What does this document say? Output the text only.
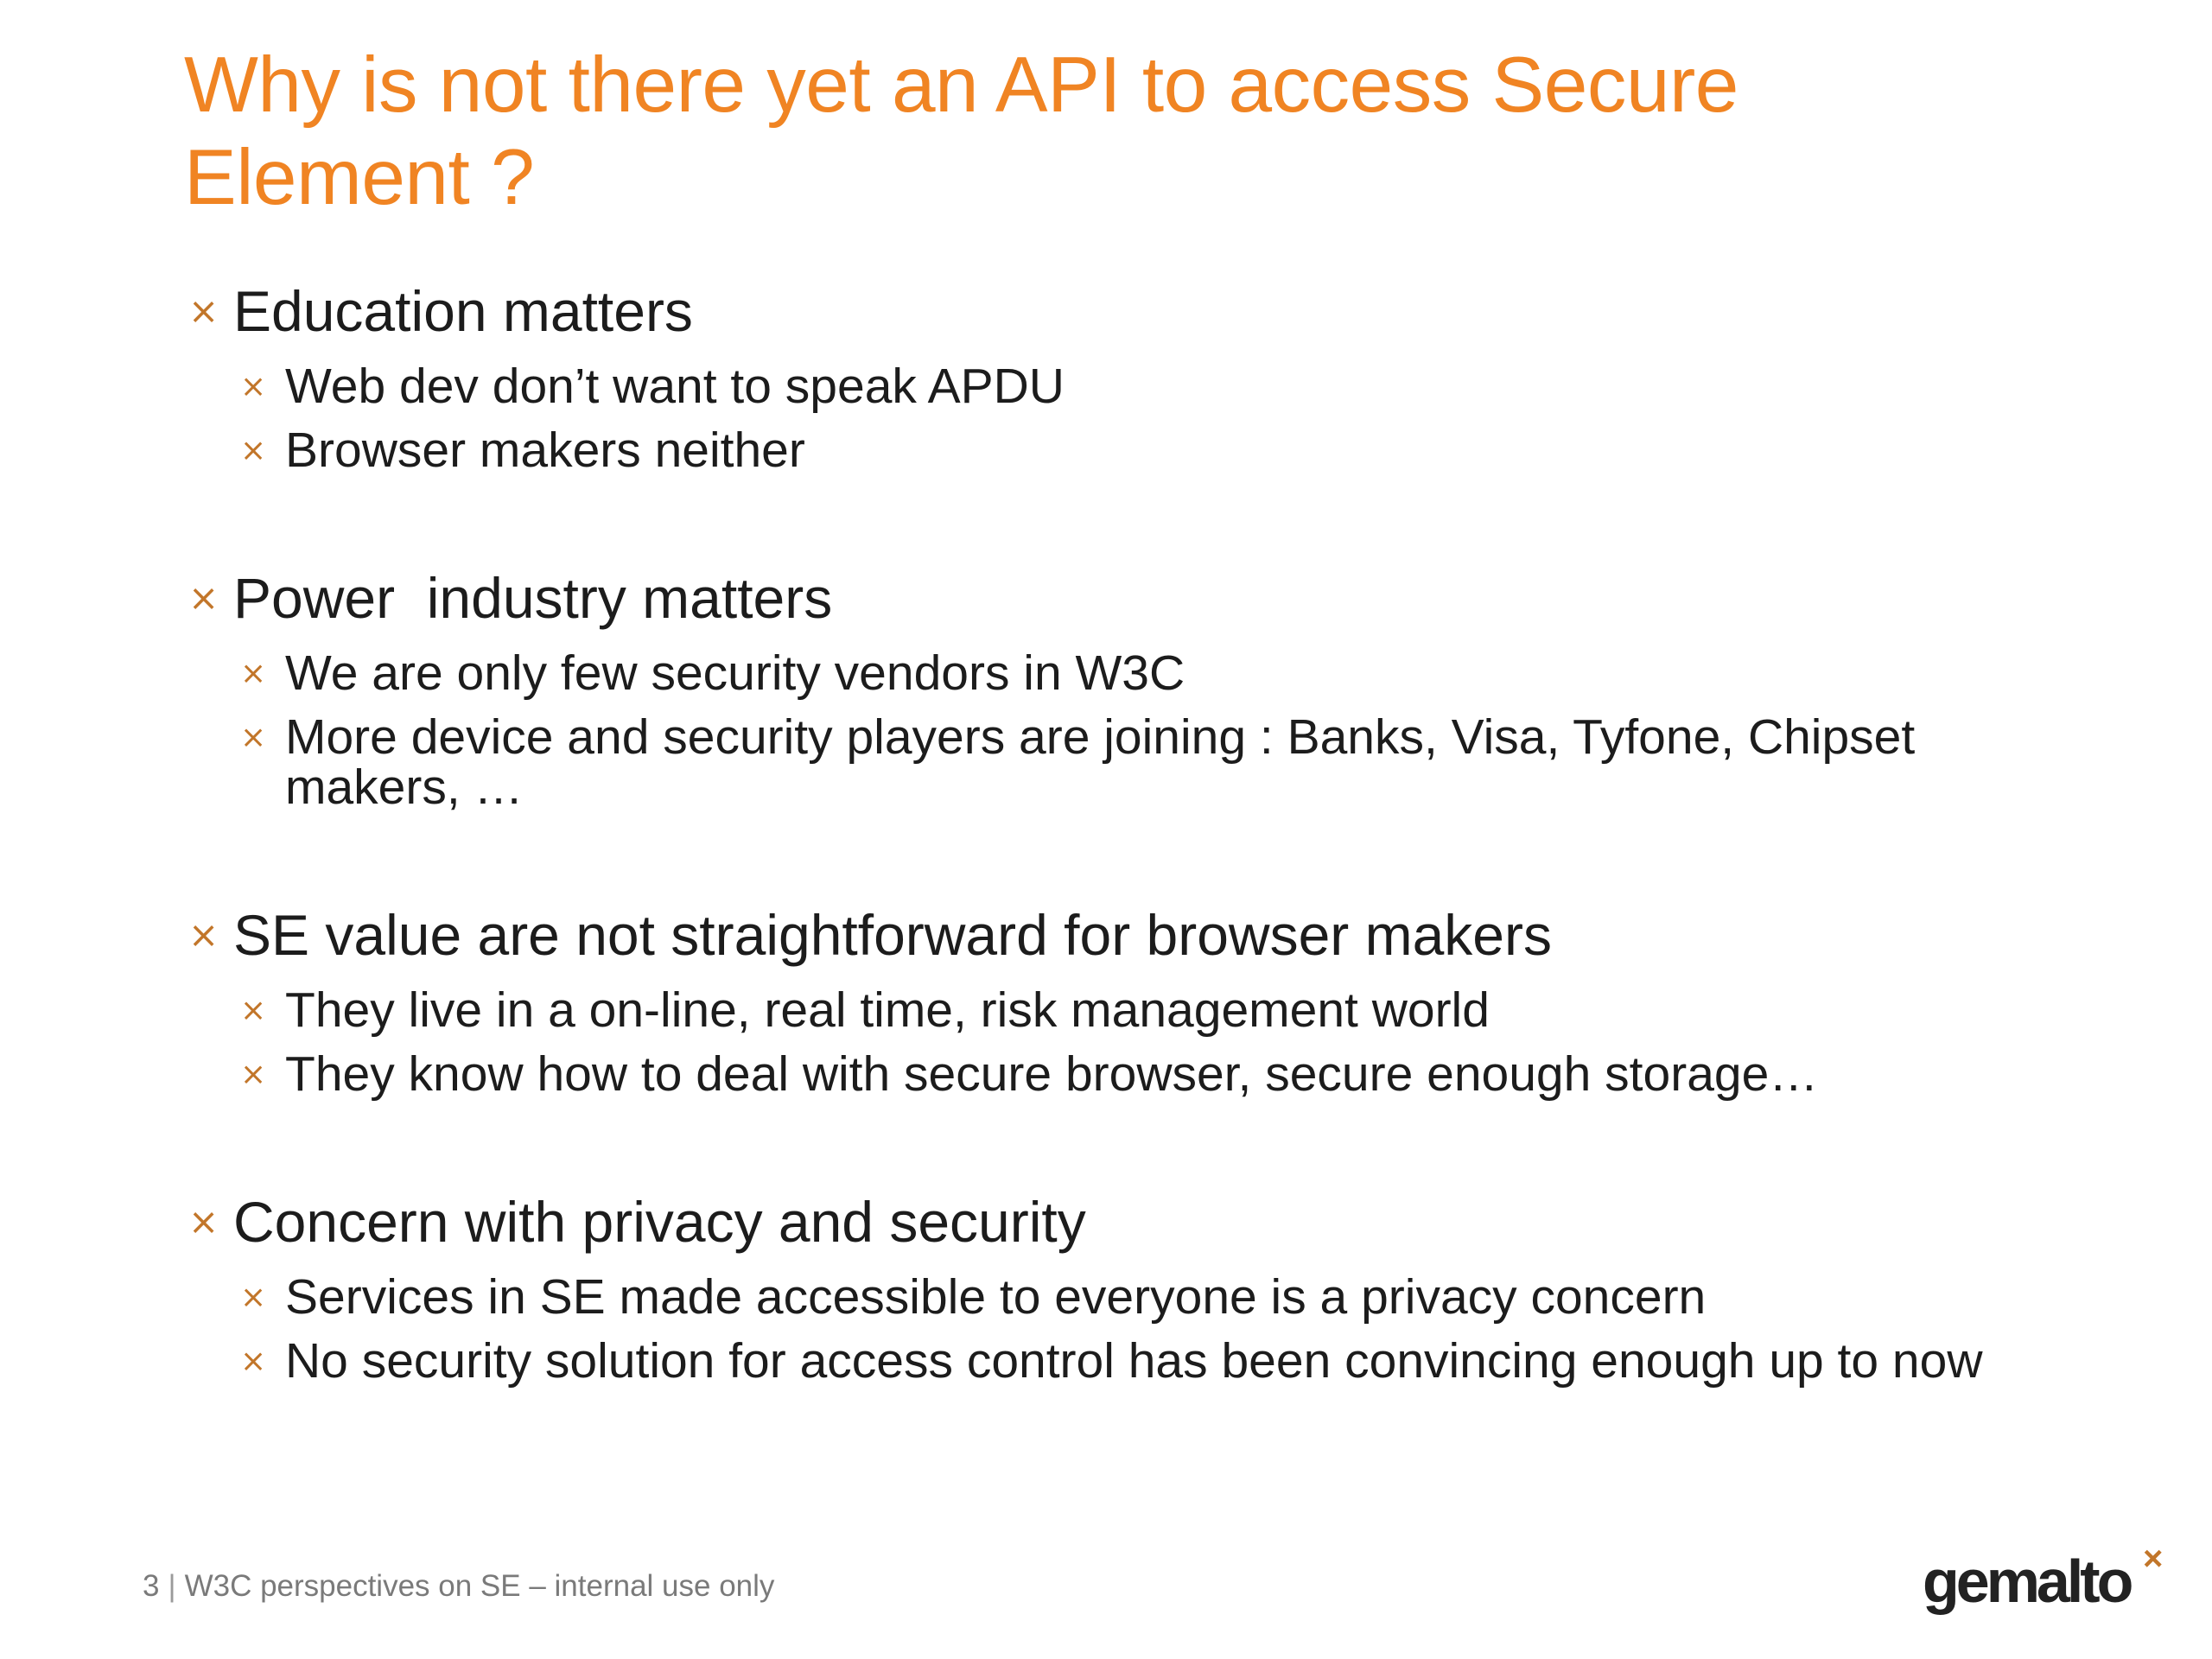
Why is not there yet an API to access Secure Element ?
⨯ Education matters
⨯ Web dev don’t want to speak APDU
⨯ Browser makers neither
⨯ Power  industry matters
⨯ We are only few security vendors in W3C
⨯ More device and security players are joining : Banks, Visa, Tyfone, Chipset makers, …
⨯ SE value are not straightforward for browser makers
⨯ They live in a on-line, real time, risk management world
⨯ They know how to deal with secure browser, secure enough storage…
⨯ Concern with privacy and security
⨯ Services in SE made accessible to everyone is a privacy concern
⨯ No security solution for access control has been convincing enough up to now
3 | W3C perspectives on SE – internal use only	gemalto ×
